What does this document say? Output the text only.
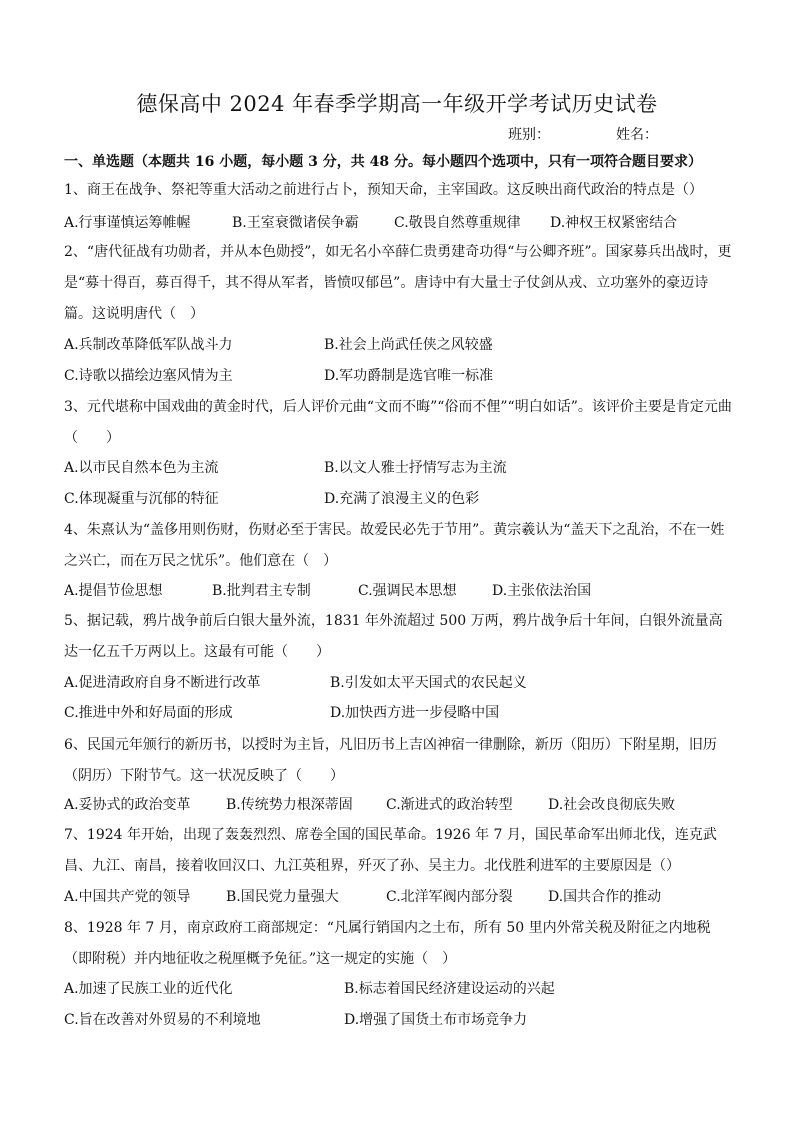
德保高中 2024 年春季学期高一年级开学考试历史试卷
班别：	姓名：
一、单选题（本题共 16 小题，每小题 3 分，共 48 分。每小题四个选项中，只有一项符合题目要求）
1、商王在战争、祭祀等重大活动之前进行占卜，预知天命，主宰国政。这反映出商代政治的特点是（）
A.行事谨慎运筹帷幄	B.王室衰微诸侯争霸	C.敬畏自然尊重规律 D.神权王权紧密结合
2、“唐代征战有功勋者，并从本色勋授”，如无名小卒薛仁贵勇建奇功得“与公卿齐班”。国家募兵出战时，更是“募十得百，募百得千，其不得从军者，皆愤叹郁邑”。唐诗中有大量士子仗剑从戎、立功塞外的豪迈诗篇。这说明唐代（　）
A.兵制改革降低军队战斗力	B.社会上尚武任侠之风较盛
C.诗歌以描绘边塞风情为主	D.军功爵制是选官唯一标准
3、元代堪称中国戏曲的黄金时代，后人评价元曲“文而不晦”“俗而不俚”“明白如话”。该评价主要是肯定元曲（　　）
A.以市民自然本色为主流	B.以文人雅士抒情写志为主流
C.体现凝重与沉郁的特征	D.充满了浪漫主义的色彩
4、朱熹认为“盖侈用则伤财，伤财必至于害民。故爱民必先于节用”。黄宗羲认为“盖天下之乱治，不在一姓之兴亡，而在万民之忧乐”。他们意在（　）
A.提倡节俭思想	B.批判君主专制	C.强调民本思想	D.主张依法治国
5、据记载，鸦片战争前后白银大量外流，1831 年外流超过 500 万两，鸦片战争后十年间，白银外流量高达一亿五千万两以上。这最有可能（　　）
A.促进清政府自身不断进行改革	B.引发如太平天国式的农民起义
C.推进中外和好局面的形成	D.加快西方进一步侵略中国
6、民国元年颁行的新历书，以授时为主旨，凡旧历书上吉凶神宿一律删除，新历（阳历）下附星期，旧历（阴历）下附节气。这一状况反映了（　　）
A.妥协式的政治变革	B.传统势力根深蒂固 C.渐进式的政治转型	D.社会改良彻底失败
7、1924 年开始，出现了轰轰烈烈、席卷全国的国民革命。1926 年 7 月，国民革命军出师北伐，连克武昌、九江、南昌，接着收回汉口、九江英租界，歼灭了孙、吴主力。北伐胜利进军的主要原因是（）
A.中国共产党的领导	B.国民党力量强大	C.北洋军阀内部分裂	D.国共合作的推动
8、1928 年 7 月，南京政府工商部规定：“凡属行销国内之土布，所有 50 里内外常关税及附征之内地税（即附税）并内地征收之税厘概予免征。”这一规定的实施（　）
A.加速了民族工业的近代化	B.标志着国民经济建设运动的兴起
C.旨在改善对外贸易的不利境地	D.增强了国货土布市场竞争力
